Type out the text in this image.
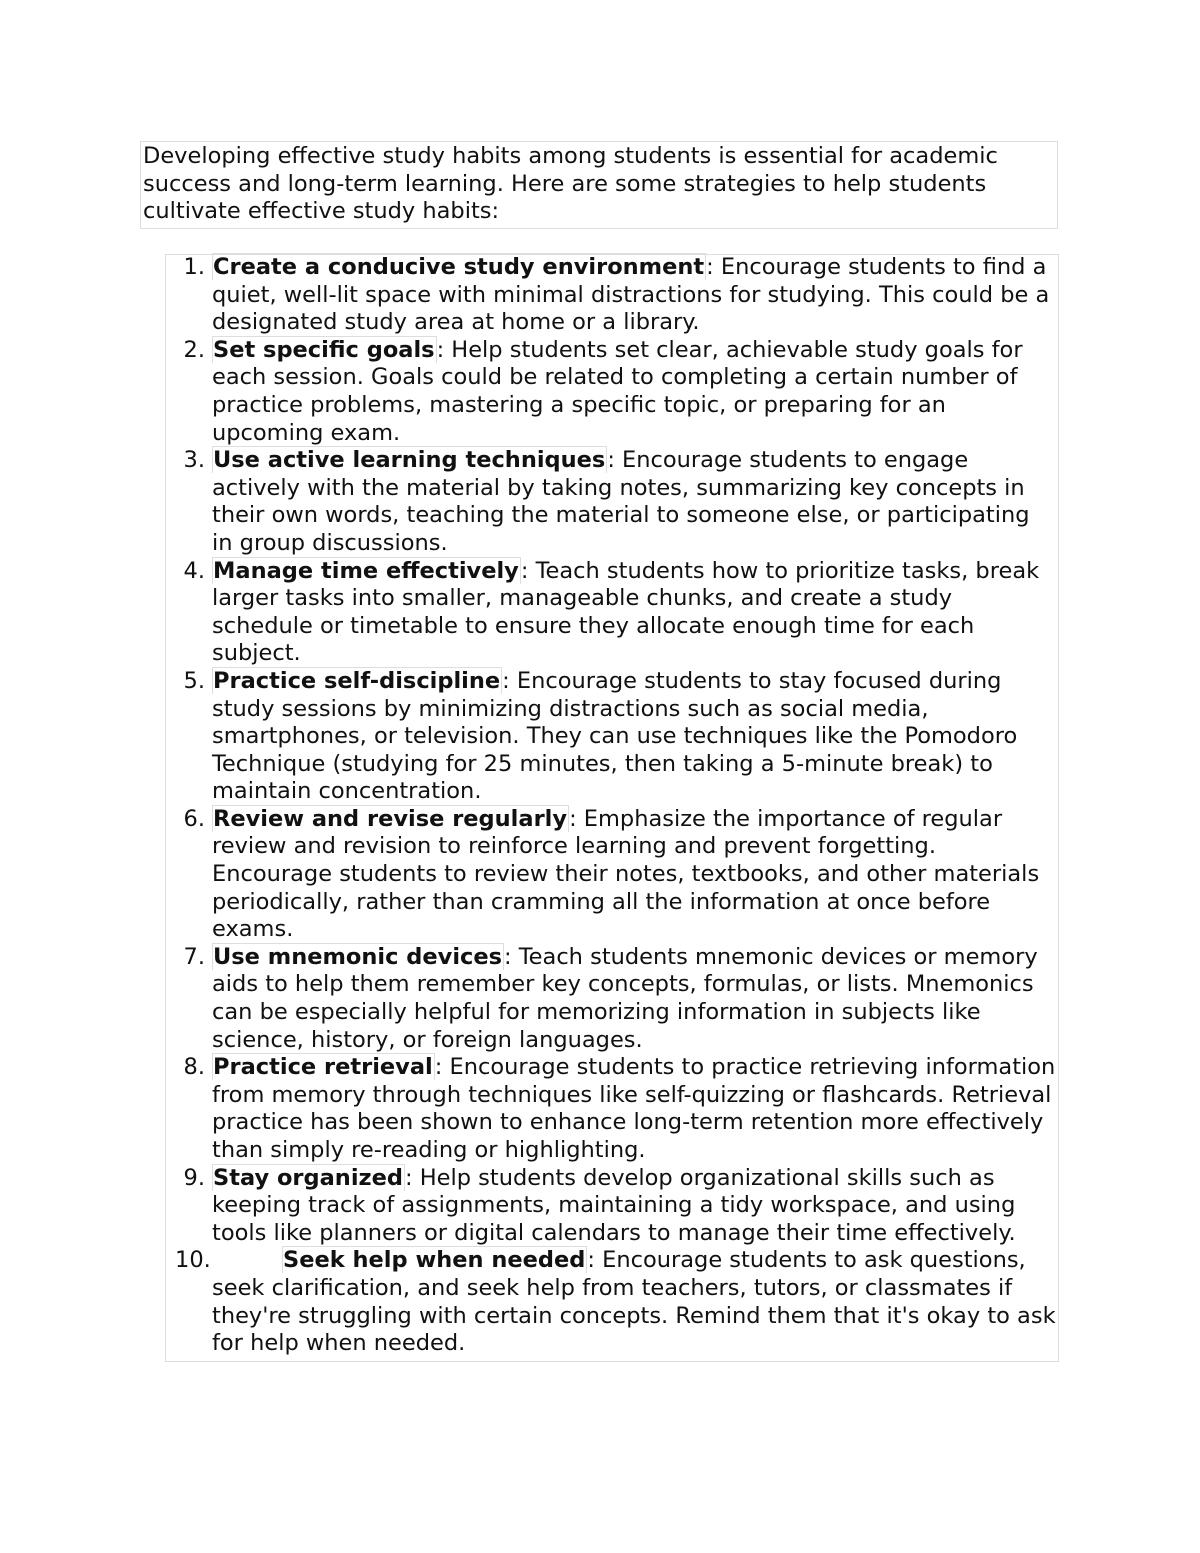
Developing effective study habits among students is essential for academic success and long-term learning. Here are some strategies to help students cultivate effective study habits:
1. Create a conducive study environment: Encourage students to find a quiet, well-lit space with minimal distractions for studying. This could be a designated study area at home or a library.
2. Set specific goals: Help students set clear, achievable study goals for each session. Goals could be related to completing a certain number of practice problems, mastering a specific topic, or preparing for an upcoming exam.
3. Use active learning techniques: Encourage students to engage actively with the material by taking notes, summarizing key concepts in their own words, teaching the material to someone else, or participating in group discussions.
4. Manage time effectively: Teach students how to prioritize tasks, break larger tasks into smaller, manageable chunks, and create a study schedule or timetable to ensure they allocate enough time for each subject.
5. Practice self-discipline: Encourage students to stay focused during study sessions by minimizing distractions such as social media, smartphones, or television. They can use techniques like the Pomodoro Technique (studying for 25 minutes, then taking a 5-minute break) to maintain concentration.
6. Review and revise regularly: Emphasize the importance of regular review and revision to reinforce learning and prevent forgetting. Encourage students to review their notes, textbooks, and other materials periodically, rather than cramming all the information at once before exams.
7. Use mnemonic devices: Teach students mnemonic devices or memory aids to help them remember key concepts, formulas, or lists. Mnemonics can be especially helpful for memorizing information in subjects like science, history, or foreign languages.
8. Practice retrieval: Encourage students to practice retrieving information from memory through techniques like self-quizzing or flashcards. Retrieval practice has been shown to enhance long-term retention more effectively than simply re-reading or highlighting.
9. Stay organized: Help students develop organizational skills such as keeping track of assignments, maintaining a tidy workspace, and using tools like planners or digital calendars to manage their time effectively.
10.	Seek help when needed: Encourage students to ask questions, seek clarification, and seek help from teachers, tutors, or classmates if they're struggling with certain concepts. Remind them that it's okay to ask for help when needed.
